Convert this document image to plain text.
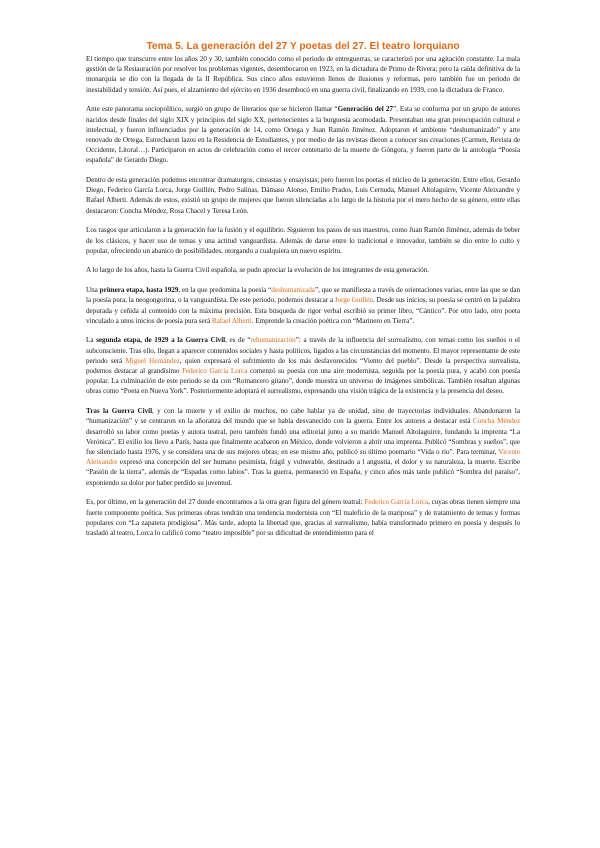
Tema 5. La generación del 27 Y poetas del 27. El teatro lorquiano

El tiempo que transcurre entre los años 20 y 30, también conocido como el periodo de entreguerras, se caracterizó por una agitación constante. La mala gestión de la Restauración por resolver los problemas vigentes, desembocaron en 1923, en la dictadura de Primo de Rivera; pero la caída definitiva de la monarquía se dio con la llegada de la II República. Sus cinco años estuvieron llenos de ilusiones y reformas, pero también fue un periodo de inestabilidad y tensión. Así pues, el alzamiento del ejército en 1936 desembocó en una guerra civil, finalizando en 1939, con la dictadura de Franco.

Ante este panorama sociopolítico, surgió un grupo de literarios que se hicieron llamar “Generación del 27”. Esta se conforma por un grupo de autores nacidos desde finales del siglo XIX y principios del siglo XX, pertenecientes a la burguesía acomodada. Presentaban una gran preocupación cultural e intelectual, y fueron influenciados por la generación de 14, como Ortega y Juan Ramón Jiménez. Adoptaron el ambiente “deshumanizado” y arte renovado de Ortega. Estrecharon lazos en la Residencia de Estudiantes, y por medio de las revistas dieron a conocer sus creaciones (Carmen, Revista de Occidente, Litoral…). Participaron en actos de celebración como el tercer centenario de la muerte de Góngora, y fueron parte de la antología “Poesía española” de Gerardo Diego.

Dentro de esta generación podemos encontrar dramaturgos, cineastas y ensayistas; pero fueron los poetas el núcleo de la generación. Entre ellos, Gerardo Diego, Federico García Lorca, Jorge Guillén, Pedro Salinas, Dámaso Alonso, Emilio Prados, Luis Cernuda, Manuel Altolaguirre, Vicente Aleixandre y Rafael Alberti. Además de estos, existió un grupo de mujeres que fueron silenciadas a lo largo de la historia por el mero hecho de su género, entre ellas destacaron: Concha Méndez, Rosa Chacel y Teresa León.

Los rasgos que articularon a la generación fue la fusión y el equilibrio. Siguieron los pasos de sus maestros, como Juan Ramón Jiménez, además de beber de los clásicos, y hacer uso de temas y una actitud vanguardista. Además de darse entre lo tradicional e innovador, también se dio entre lo culto y popular, ofreciendo un abanico de posibilidades, otorgando a cualquiera un nuevo espíritu.

A lo largo de los años, hasta la Guerra Civil española, se pudo apreciar la evolución de los integrantes de esta generación.

Una primera etapa, hasta 1929, en la que predomina la poesía “deshumanizada”, que se manifiesta a través de orientaciones varias, entre las que se dan la poesía pura, la neogongorina, o la vanguardista. De este periodo, podemos destacar a Jorge Guillén. Desde sus inicios, su poesía se centró en la palabra depurada y ceñida al contenido con la máxima precisión. Esta búsqueda de rigor verbal escribió su primer libro, “Cántico”. Por otro lado, otro poeta vinculado a unos inicios de poesía pura será Rafael Alberti. Emprende la creación poética con “Marinero en Tierra”.

La segunda etapa, de 1929 a la Guerra Civil, es de “rehumanización”: a través de la influencia del surrealismo, con temas como los sueños o el subconsciente. Tras ello, llegan a aparecer contenidos sociales y hasta políticos, ligados a las circunstancias del momento. El mayor representante de este periodo será Miguel Hernández, quien expresará el sufrimiento de los más desfavorecidos “Viento del pueblo”. Desde la perspectiva surrealista, podemos destacar al grandísimo Federico García Lorca comenzó su poesía con una aire modernista, seguida por la poesía pura, y acabó con poesía popular. La culminación de este periodo se da con “Romancero gitano”, donde muestra un universo de imágenes simbólicas. También resaltan algunas obras como “Poeta en Nueva York”. Posteriormente adoptará el surrealismo, expresando una visión trágica de la existencia y la presencia del deseo.

Tras la Guerra Civil, y con la muerte y el exilio de muchos, no cabe hablar ya de unidad, sino de trayectorias individuales. Abandonaron la “humanización” y se centraron en la añoranza del mundo que se había desvanecido con la guerra. Entre los autores a destacar está Concha Méndez desarrolló su labor como poetas y autora teatral, pero también fundó una editorial junto a su marido Manuel Altolaguirre, fundando la imprenta “La Verónica”. El exilio los llevo a París, hasta que finalmente acabaron en México, donde volvieron a abrir una imprenta. Publicó “Sombras y sueños”, que fue silenciado hasta 1976, y se considera una de sus mejores obras; en ese mismo año, publicó su último poemario “Vida o río”. Para terminar, Vicente Aleixandre expresó una concepción del ser humano pesimista, frágil y vulnerable, destinado a l angustia, el dolor y su naturaleza, la muerte. Escribe “Pasión de la tierra”, además de “Espadas como labios”. Tras la guerra, permaneció en España, y cinco años más tarde publicó “Sombra del paraíso”, exponiendo su dolor por haber perdido su juventud.

Es, por último, en la generación del 27 donde encontramos a la otra gran figura del género teatral: Federico García Lorca, cuyas obras tienen siempre una fuerte componente poética. Sus primeras obras tendrán una tendencia modernista con “El maleficio de la mariposa” y de tratamiento de temas y formas populares con “La zapatera prodigiosa”. Más tarde, adopta la libertad que, gracias al surrealismo, había transformado primero en poesía y después lo trasladó al teatro, Lorca lo calificó como “teatro imposible” por su dificultad de entendimiento para el
